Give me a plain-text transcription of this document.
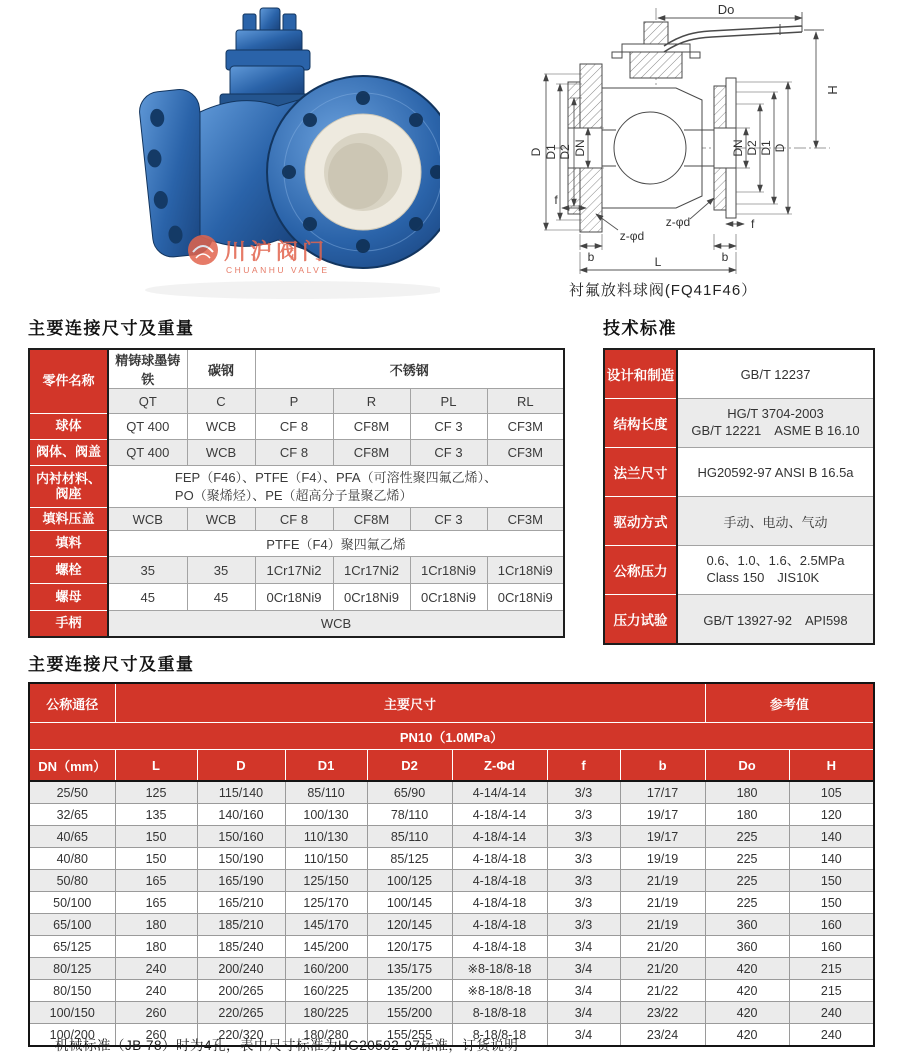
川沪阀门
CHUANHU VALVE
Do
H
D D1 D2 DN	DN D2 D1 D
z-φd
z-φd
f
f
b	b
L
衬氟放料球阀(FQ41F46）
主要连接尺寸及重量
零件名称	精铸球墨铸铁	碳钢	不锈钢			
	QT	C	P	R	PL	RL
球体	QT 400	WCB	CF 8	CF8M	CF 3	CF3M
阀体、阀盖	QT 400	WCB	CF 8	CF8M	CF 3	CF3M
内衬材料、阀座	FEP（F46）、PTFE（F4）、PFA（可溶性聚四氟乙烯）、
PO（聚烯烃）、PE（超高分子量聚乙烯）					

填料压盖	WCB	WCB	CF 8	CF8M	CF 3	CF3M
填料	PTFE（F4）聚四氟乙烯					
螺栓	35	35	1Cr17Ni2	1Cr17Ni2	1Cr18Ni9	1Cr18Ni9
螺母	45	45	0Cr18Ni9	0Cr18Ni9	0Cr18Ni9	0Cr18Ni9
手柄	WCB					
技术标准
设计和制造	GB/T 12237
结构长度	HG/T 3704-2003
GB/T 12221　ASME B 16.10

法兰尺寸	HG20592-97 ANSI B 16.5a
驱动方式	手动、电动、气动
公称压力	0.6、1.0、1.6、2.5MPa
Class 150　JIS10K

压力试验	GB/T 13927-92　API598
主要连接尺寸及重量
公称通径	主要尺寸							参考值	
PN10（1.0MPa）									
DN（mm）	L	D	D1	D2	Z-Φd	f	b	Do	H
25/50	125	115/140	85/110	65/90	4-14/4-14	3/3	17/17	180	105
32/65	135	140/160	100/130	78/110	4-18/4-14	3/3	19/17	180	120
40/65	150	150/160	110/130	85/110	4-18/4-14	3/3	19/17	225	140
40/80	150	150/190	110/150	85/125	4-18/4-18	3/3	19/19	225	140
50/80	165	165/190	125/150	100/125	4-18/4-18	3/3	21/19	225	150
50/100	165	165/210	125/170	100/145	4-18/4-18	3/3	21/19	225	150
65/100	180	185/210	145/170	120/145	4-18/4-18	3/3	21/19	360	160
65/125	180	185/240	145/200	120/175	4-18/4-18	3/4	21/20	360	160
80/125	240	200/240	160/200	135/175	※8-18/8-18	3/4	21/20	420	215
80/150	240	200/265	160/225	135/200	※8-18/8-18	3/4	21/22	420	215
100/150	260	220/265	180/225	155/200	8-18/8-18	3/4	23/22	420	240
100/200	260	220/320	180/280	155/255	8-18/8-18	3/4	23/24	420	240
机械标准（JB 78）时为4孔，表中尺寸标准为HG20592-97标准，订货说明
